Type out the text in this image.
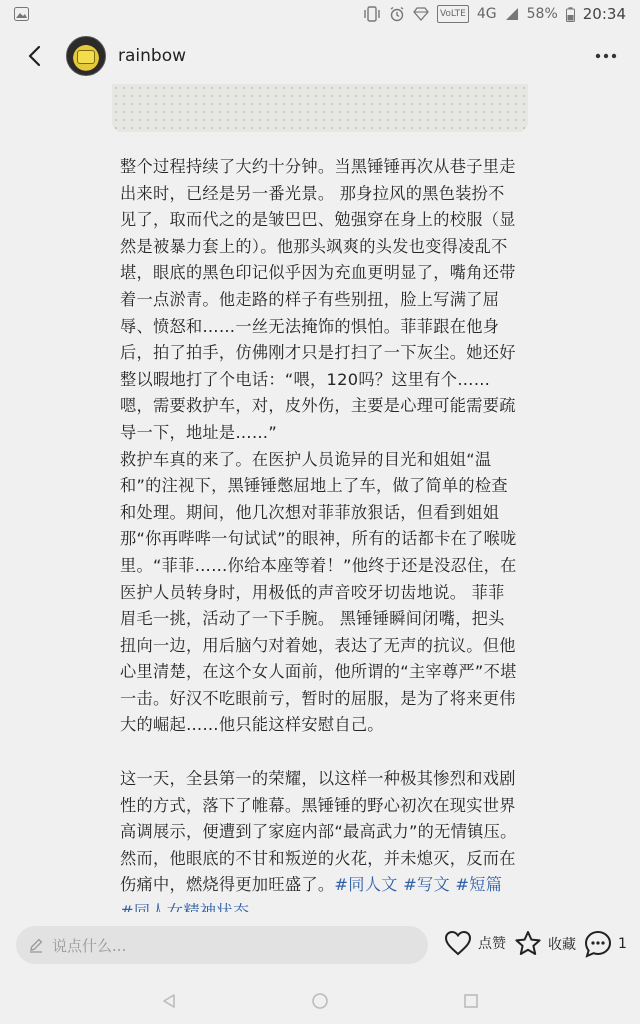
VoLTE 4G 58% 20:34
rainbow

整个过程持续了大约十分钟。当黑锤锤再次从巷子里走出来时，已经是另一番光景。 那身拉风的黑色装扮不见了，取而代之的是皱巴巴、勉强穿在身上的校服（显然是被暴力套上的）。他那头飒爽的头发也变得凌乱不堪，眼底的黑色印记似乎因为充血更明显了，嘴角还带着一点淤青。他走路的样子有些别扭，脸上写满了屈辱、愤怒和……一丝无法掩饰的惧怕。菲菲跟在他身后，拍了拍手，仿佛刚才只是打扫了一下灰尘。她还好整以暇地打了个电话：“喂，120吗？这里有个……嗯，需要救护车，对，皮外伤，主要是心理可能需要疏导一下，地址是……”

救护车真的来了。在医护人员诡异的目光和姐姐“温和”的注视下，黑锤锤憋屈地上了车，做了简单的检查和处理。期间，他几次想对菲菲放狠话，但看到姐姐那“你再哔哔一句试试”的眼神，所有的话都卡在了喉咙里。“菲菲……你给本座等着！”他终于还是没忍住，在医护人员转身时，用极低的声音咬牙切齿地说。 菲菲眉毛一挑，活动了一下手腕。 黑锤锤瞬间闭嘴，把头扭向一边，用后脑勺对着她，表达了无声的抗议。但他心里清楚，在这个女人面前，他所谓的“主宰尊严”不堪一击。好汉不吃眼前亏，暂时的屈服，是为了将来更伟大的崛起……他只能这样安慰自己。

这一天，全县第一的荣耀，以这样一种极其惨烈和戏剧性的方式，落下了帷幕。黑锤锤的野心初次在现实世界高调展示，便遭到了家庭内部“最高武力”的无情镇压。然而，他眼底的不甘和叛逆的火花，并未熄灭，反而在伤痛中，燃烧得更加旺盛了。#同人文 #写文 #短篇

说点什么...	点赞	收藏	1
